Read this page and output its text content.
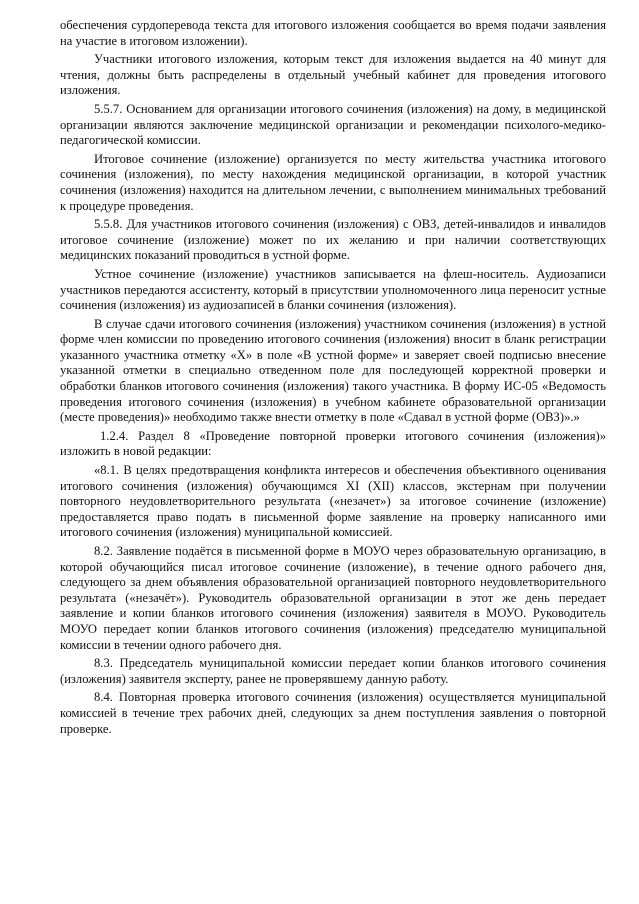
обеспечения сурдоперевода текста для итогового изложения сообщается во время подачи заявления на участие в итоговом изложении).

Участники итогового изложения, которым текст для изложения выдается на 40 минут для чтения, должны быть распределены в отдельный учебный кабинет для проведения итогового изложения.

5.5.7. Основанием для организации итогового сочинения (изложения) на дому, в медицинской организации являются заключение медицинской организации и рекомендации психолого-медико-педагогической комиссии.

Итоговое сочинение (изложение) организуется по месту жительства участника итогового сочинения (изложения), по месту нахождения медицинской организации, в которой участник сочинения (изложения) находится на длительном лечении, с выполнением минимальных требований к процедуре проведения.

5.5.8. Для участников итогового сочинения (изложения) с ОВЗ, детей-инвалидов и инвалидов итоговое сочинение (изложение) может по их желанию и при наличии соответствующих медицинских показаний проводиться в устной форме.

Устное сочинение (изложение) участников записывается на флеш-носитель. Аудиозаписи участников передаются ассистенту, который в присутствии уполномоченного лица переносит устные сочинения (изложения) из аудиозаписей в бланки сочинения (изложения).

В случае сдачи итогового сочинения (изложения) участником сочинения (изложения) в устной форме член комиссии по проведению итогового сочинения (изложения) вносит в бланк регистрации указанного участника отметку «X» в поле «В устной форме» и заверяет своей подписью внесение указанной отметки в специально отведенном поле для последующей корректной проверки и обработки бланков итогового сочинения (изложения) такого участника. В форму ИС-05 «Ведомость проведения итогового сочинения (изложения) в учебном кабинете образовательной организации (месте проведения)» необходимо также внести отметку в поле «Сдавал в устной форме (ОВЗ)».»

1.2.4. Раздел 8 «Проведение повторной проверки итогового сочинения (изложения)» изложить в новой редакции:

«8.1. В целях предотвращения конфликта интересов и обеспечения объективного оценивания итогового сочинения (изложения) обучающимся XI (XII) классов, экстернам при получении повторного неудовлетворительного результата («незачет») за итоговое сочинение (изложение) предоставляется право подать в письменной форме заявление на проверку написанного ими итогового сочинения (изложения) муниципальной комиссией.

8.2. Заявление подаётся в письменной форме в МОУО через образовательную организацию, в которой обучающийся писал итоговое сочинение (изложение), в течение одного рабочего дня, следующего за днем объявления образовательной организацией повторного неудовлетворительного результата («незачёт»). Руководитель образовательной организации в этот же день передает заявление и копии бланков итогового сочинения (изложения) заявителя в МОУО. Руководитель МОУО передает копии бланков итогового сочинения (изложения) председателю муниципальной комиссии в течении одного рабочего дня.

8.3. Председатель муниципальной комиссии передает копии бланков итогового сочинения (изложения) заявителя эксперту, ранее не проверявшему данную работу.

8.4. Повторная проверка итогового сочинения (изложения) осуществляется муниципальной комиссией в течение трех рабочих дней, следующих за днем поступления заявления о повторной проверке.
